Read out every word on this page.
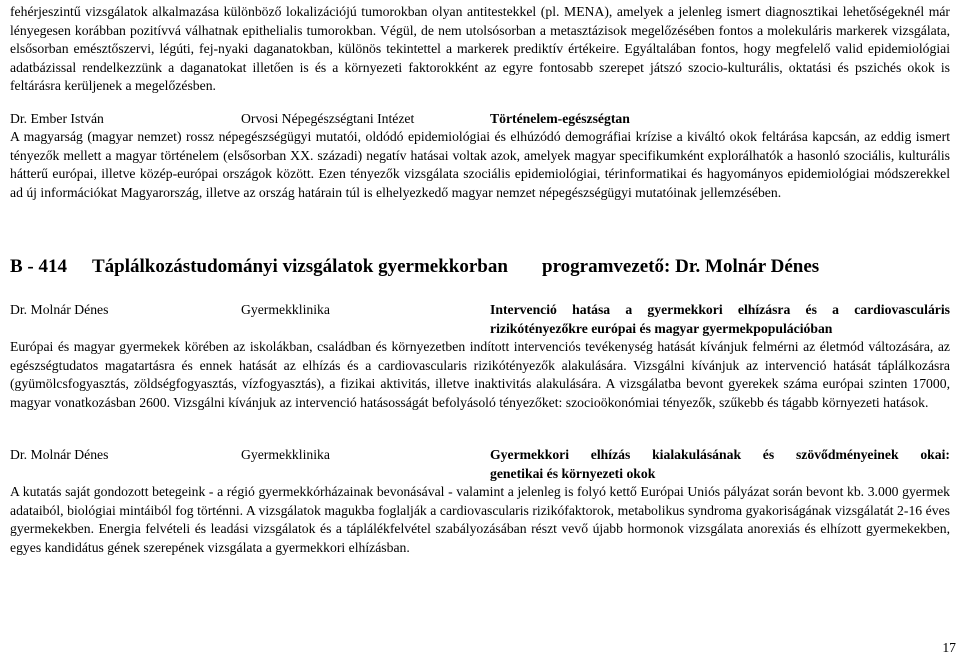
fehérjeszintű vizsgálatok alkalmazása különböző lokalizációjú tumorokban olyan antitestekkel (pl. MENA), amelyek a jelenleg ismert diagnosztikai lehetőségeknél már lényegesen korábban pozitívvá válhatnak epithelialis tumorokban. Végül, de nem utolsósorban a metasztázisok megelőzésében fontos a molekuláris markerek vizsgálata, elsősorban emésztőszervi, légúti, fej-nyaki daganatokban, különös tekintettel a markerek prediktív értékeire. Egyáltalában fontos, hogy megfelelő valid epidemiológiai adatbázissal rendelkezzünk a daganatokat illetően is és a környezeti faktorokként az egyre fontosabb szerepet játszó szocio-kulturális, oktatási és pszichés okok is feltárásra kerüljenek a megelőzésben.

Dr. Ember István	Orvosi Népegészségtani Intézet	Történelem-egészségtan

A magyarság (magyar nemzet) rossz népegészségügyi mutatói, oldódó epidemiológiai és elhúzódó demográfiai krízise a kiváltó okok feltárása kapcsán, az eddig ismert tényezők mellett a magyar történelem (elsősorban XX. századi) negatív hatásai voltak azok, amelyek magyar specifikumként explorálhatók a hasonló szociális, kulturális hátterű európai, illetve közép-európai országok között. Ezen tényezők vizsgálata szociális epidemiológiai, térinformatikai és hagyományos epidemiológiai módszerekkel ad új információkat Magyarország, illetve az ország határain túl is elhelyezkedő magyar nemzet népegészségügyi mutatóinak jellemzésében.

B - 414	Táplálkozástudományi vizsgálatok gyermekkorban	programvezető: Dr. Molnár Dénes
Dr. Molnár Dénes	Gyermekklinika	Intervenció hatása a gyermekkori elhízásra és a cardiovasculáris
rizikótényezőkre európai és magyar gyermekpopulációban

Európai és magyar gyermekek körében az iskolákban, családban és környezetben indított intervenciós tevékenység hatását kívánjuk felmérni az életmód változására, az egészségtudatos magatartásra és ennek hatását az elhízás és a cardiovascularis rizikótényezők alakulására. Vizsgálni kívánjuk az intervenció hatását táplálkozásra (gyümölcsfogyasztás, zöldségfogyasztás, vízfogyasztás), a fizikai aktivitás, illetve inaktivitás alakulására. A vizsgálatba bevont gyerekek száma európai szinten 17000, magyar vonatkozásban 2600. Vizsgálni kívánjuk az intervenció hatásosságát befolyásoló tényezőket: szocioökonómiai tényezők, szűkebb és tágabb környezeti hatások.

Dr. Molnár Dénes	Gyermekklinika	Gyermekkori elhízás kialakulásának és szövődményeinek okai:
genetikai és környezeti okok

A kutatás saját gondozott betegeink - a régió gyermekkórházainak bevonásával - valamint a jelenleg is folyó kettő Európai Uniós pályázat során bevont kb. 3.000 gyermek adataiból, biológiai mintáiból fog történni. A vizsgálatok magukba foglalják a cardiovascularis rizikófaktorok, metabolikus syndroma gyakoriságának vizsgálatát 2-16 éves gyermekekben. Energia felvételi és leadási vizsgálatok és a táplálékfelvétel szabályozásában részt vevő újabb hormonok vizsgálata anorexiás és elhízott gyermekekben, egyes kandidátus gének szerepének vizsgálata a gyermekkori elhízásban.

17
